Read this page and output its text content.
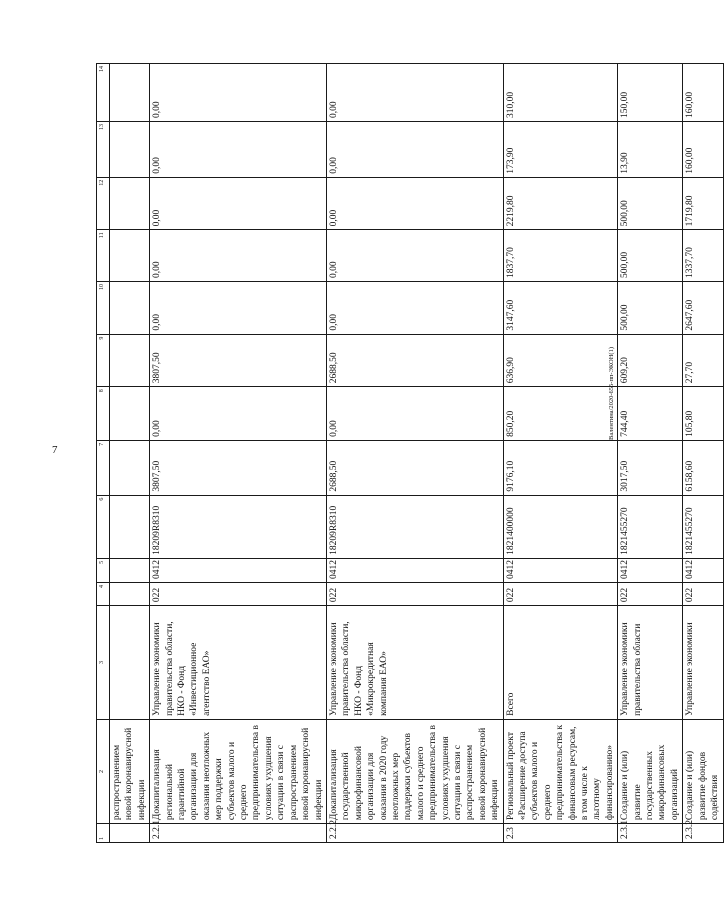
7
Валентина/2020-655-пп-ЭКОН(1)
1	2	3	4	5	6	7	8	9	10	11	12	13	14
	распространением новой коронавирусной инфекции												
2.2.1	Докапитализация региональной гарантийной организации для оказания неотложных мер поддержки субъектов малого и среднего предпринимательства в условиях ухудшения ситуации в связи с распространением новой коронавирусной инфекции	Управление экономики правительства области, НКО - Фонд «Инвестиционное агентство ЕАО»	022	0412	18209R8310	3807,50	0,00	3807,50	0,00	0,00	0,00	0,00	0,00
2.2.2	Докапитализация государственной микрофинансовой организации для оказания в 2020 году неотложных мер поддержки субъектов малого и среднего предпринимательства в условиях ухудшения ситуации в связи с распространением новой коронавирусной инфекции	Управление экономики правительства области, НКО - Фонд «Микрокредитная компания ЕАО»	022	0412	18209R8310	2688,50	0,00	2688,50	0,00	0,00	0,00	0,00	0,00
2.3	Региональный проект «Расширение доступа субъектов малого и среднего предпринимательства к финансовым ресурсам, в том числе к льготному финансированию»	Всего	022	0412	1821400000	9176,10	850,20	636,90	3147,60	1837,70	2219,80	173,90	310,00
2.3.1	Создание и (или) развитие государственных микрофинансовых организаций	Управление экономики правительства области	022	0412	1821455270	3017,50	744,40	609,20	500,00	500,00	500,00	13,90	150,00
2.3.2	Создание и (или) развитие фондов содействия	Управление экономики	022	0412	1821455270	6158,60	105,80	27,70	2647,60	1337,70	1719,80	160,00	160,00
